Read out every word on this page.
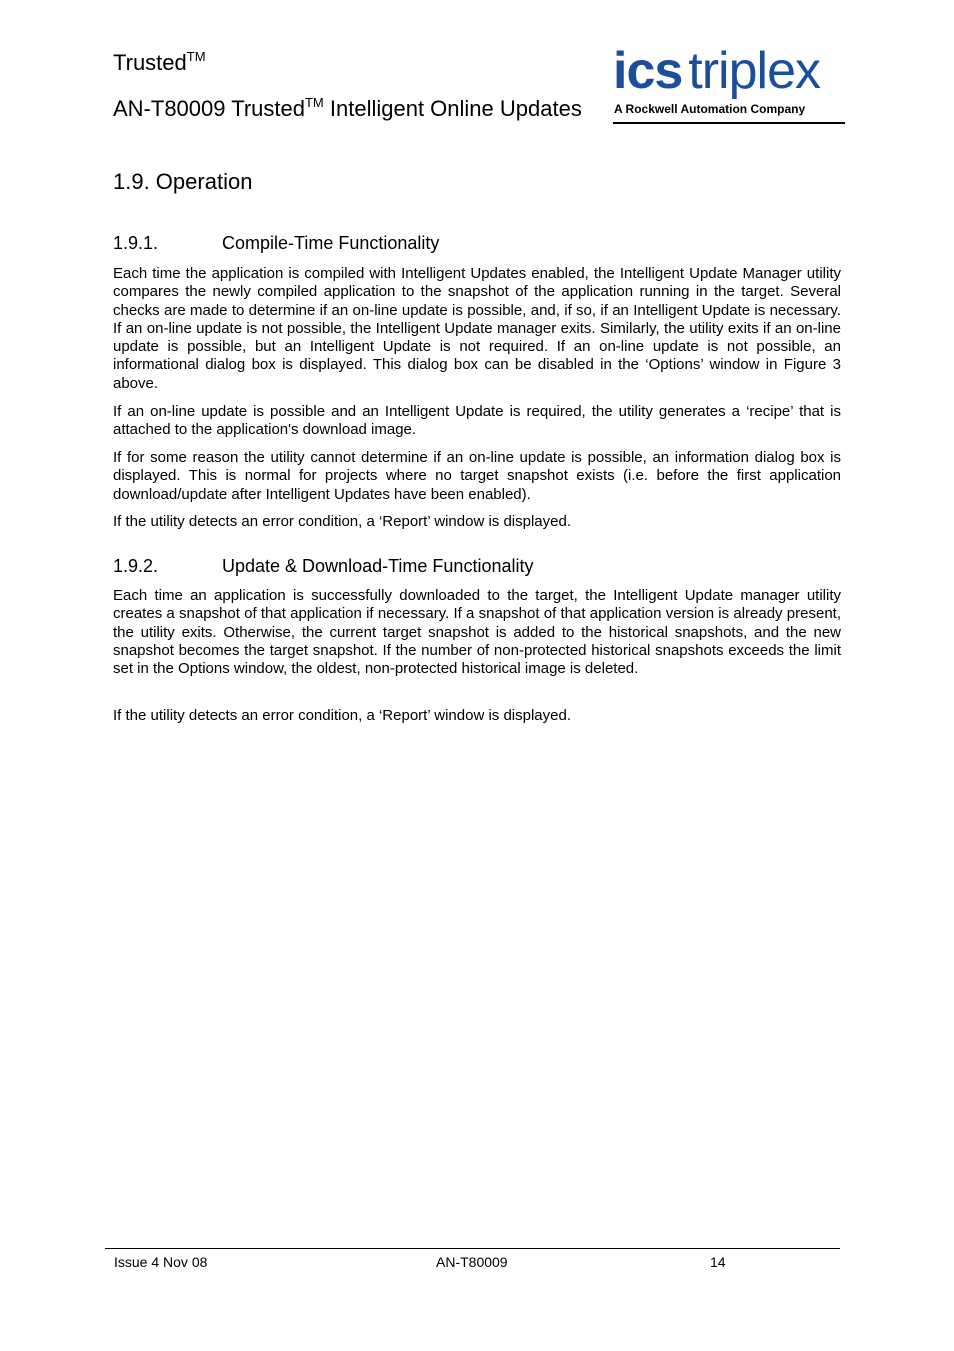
Trusted™
AN-T80009 Trusted™ Intelligent Online Updates
ics triplex
A Rockwell Automation Company
1.9. Operation
1.9.1.	Compile-Time Functionality

Each time the application is compiled with Intelligent Updates enabled, the Intelligent Update Manager utility compares the newly compiled application to the snapshot of the application running in the target. Several checks are made to determine if an on-line update is possible, and, if so, if an Intelligent Update is necessary. If an on-line update is not possible, the Intelligent Update manager exits. Similarly, the utility exits if an on-line update is possible, but an Intelligent Update is not required. If an on-line update is not possible, an informational dialog box is displayed. This dialog box can be disabled in the ‘Options’ window in Figure 3 above.

If an on-line update is possible and an Intelligent Update is required, the utility generates a ‘recipe’ that is attached to the application's download image.

If for some reason the utility cannot determine if an on-line update is possible, an information dialog box is displayed. This is normal for projects where no target snapshot exists (i.e. before the first application download/update after Intelligent Updates have been enabled).

If the utility detects an error condition, a ‘Report’ window is displayed.

1.9.2.	Update & Download-Time Functionality

Each time an application is successfully downloaded to the target, the Intelligent Update manager utility creates a snapshot of that application if necessary. If a snapshot of that application version is already present, the utility exits. Otherwise, the current target snapshot is added to the historical snapshots, and the new snapshot becomes the target snapshot. If the number of non-protected historical snapshots exceeds the limit set in the Options window, the oldest, non-protected historical image is deleted.

If the utility detects an error condition, a ‘Report’ window is displayed.

Issue 4 Nov 08	AN-T80009	14
